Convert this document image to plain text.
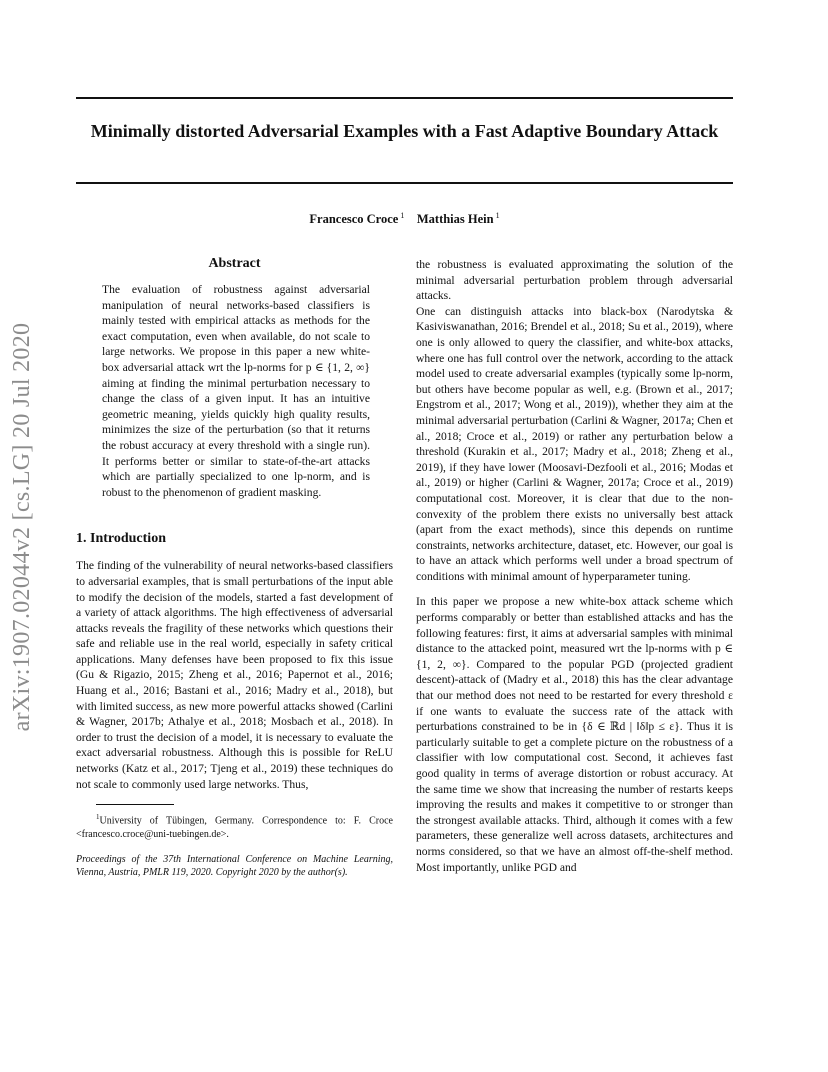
Minimally distorted Adversarial Examples with a Fast Adaptive Boundary Attack
Francesco Croce $^1$ Matthias Hein $^1$
arXiv:1907.02044v2 [cs.LG] 20 Jul 2020
Abstract

The evaluation of robustness against adversarial manipulation of neural networks-based classifiers is mainly tested with empirical attacks as methods for the exact computation, even when available, do not scale to large networks. We propose in this paper a new white-box adversarial attack wrt the lp-norms for p ∈ {1, 2, ∞} aiming at finding the minimal perturbation necessary to change the class of a given input. It has an intuitive geometric meaning, yields quickly high quality results, minimizes the size of the perturbation (so that it returns the robust accuracy at every threshold with a single run). It performs better or similar to state-of-the-art attacks which are partially specialized to one lp-norm, and is robust to the phenomenon of gradient masking.

1. Introduction

The finding of the vulnerability of neural networks-based classifiers to adversarial examples, that is small perturbations of the input able to modify the decision of the models, started a fast development of a variety of attack algorithms. The high effectiveness of adversarial attacks reveals the fragility of these networks which questions their safe and reliable use in the real world, especially in safety critical applications. Many defenses have been proposed to fix this issue (Gu & Rigazio, 2015; Zheng et al., 2016; Papernot et al., 2016; Huang et al., 2016; Bastani et al., 2016; Madry et al., 2018), but with limited success, as new more powerful attacks showed (Carlini & Wagner, 2017b; Athalye et al., 2018; Mosbach et al., 2018). In order to trust the decision of a model, it is necessary to evaluate the exact adversarial robustness. Although this is possible for ReLU networks (Katz et al., 2017; Tjeng et al., 2019) these techniques do not scale to commonly used large networks. Thus,

$^1$University of Tübingen, Germany. Correspondence to: F. Croce <francesco.croce@uni-tuebingen.de>.

Proceedings of the 37th International Conference on Machine Learning, Vienna, Austria, PMLR 119, 2020. Copyright 2020 by the author(s).

the robustness is evaluated approximating the solution of the minimal adversarial perturbation problem through adversarial attacks.

One can distinguish attacks into black-box (Narodytska & Kasiviswanathan, 2016; Brendel et al., 2018; Su et al., 2019), where one is only allowed to query the classifier, and white-box attacks, where one has full control over the network, according to the attack model used to create adversarial examples (typically some lp-norm, but others have become popular as well, e.g. (Brown et al., 2017; Engstrom et al., 2017; Wong et al., 2019)), whether they aim at the minimal adversarial perturbation (Carlini & Wagner, 2017a; Chen et al., 2018; Croce et al., 2019) or rather any perturbation below a threshold (Kurakin et al., 2017; Madry et al., 2018; Zheng et al., 2019), if they have lower (Moosavi-Dezfooli et al., 2016; Modas et al., 2019) or higher (Carlini & Wagner, 2017a; Croce et al., 2019) computational cost. Moreover, it is clear that due to the non-convexity of the problem there exists no universally best attack (apart from the exact methods), since this depends on runtime constraints, networks architecture, dataset, etc. However, our goal is to have an attack which performs well under a broad spectrum of conditions with minimal amount of hyperparameter tuning.

In this paper we propose a new white-box attack scheme which performs comparably or better than established attacks and has the following features: first, it aims at adversarial samples with minimal distance to the attacked point, measured wrt the lp-norms with p ∈ {1, 2, ∞}. Compared to the popular PGD (projected gradient descent)-attack of (Madry et al., 2018) this has the clear advantage that our method does not need to be restarted for every threshold ε if one wants to evaluate the success rate of the attack with perturbations constrained to be in {δ ∈ ℝd | ‖δ‖p ≤ ε}. Thus it is particularly suitable to get a complete picture on the robustness of a classifier with low computational cost. Second, it achieves fast good quality in terms of average distortion or robust accuracy. At the same time we show that increasing the number of restarts keeps improving the results and makes it competitive to or stronger than the strongest available attacks. Third, although it comes with a few parameters, these generalize well across datasets, architectures and norms considered, so that we have an almost off-the-shelf method. Most importantly, unlike PGD and
